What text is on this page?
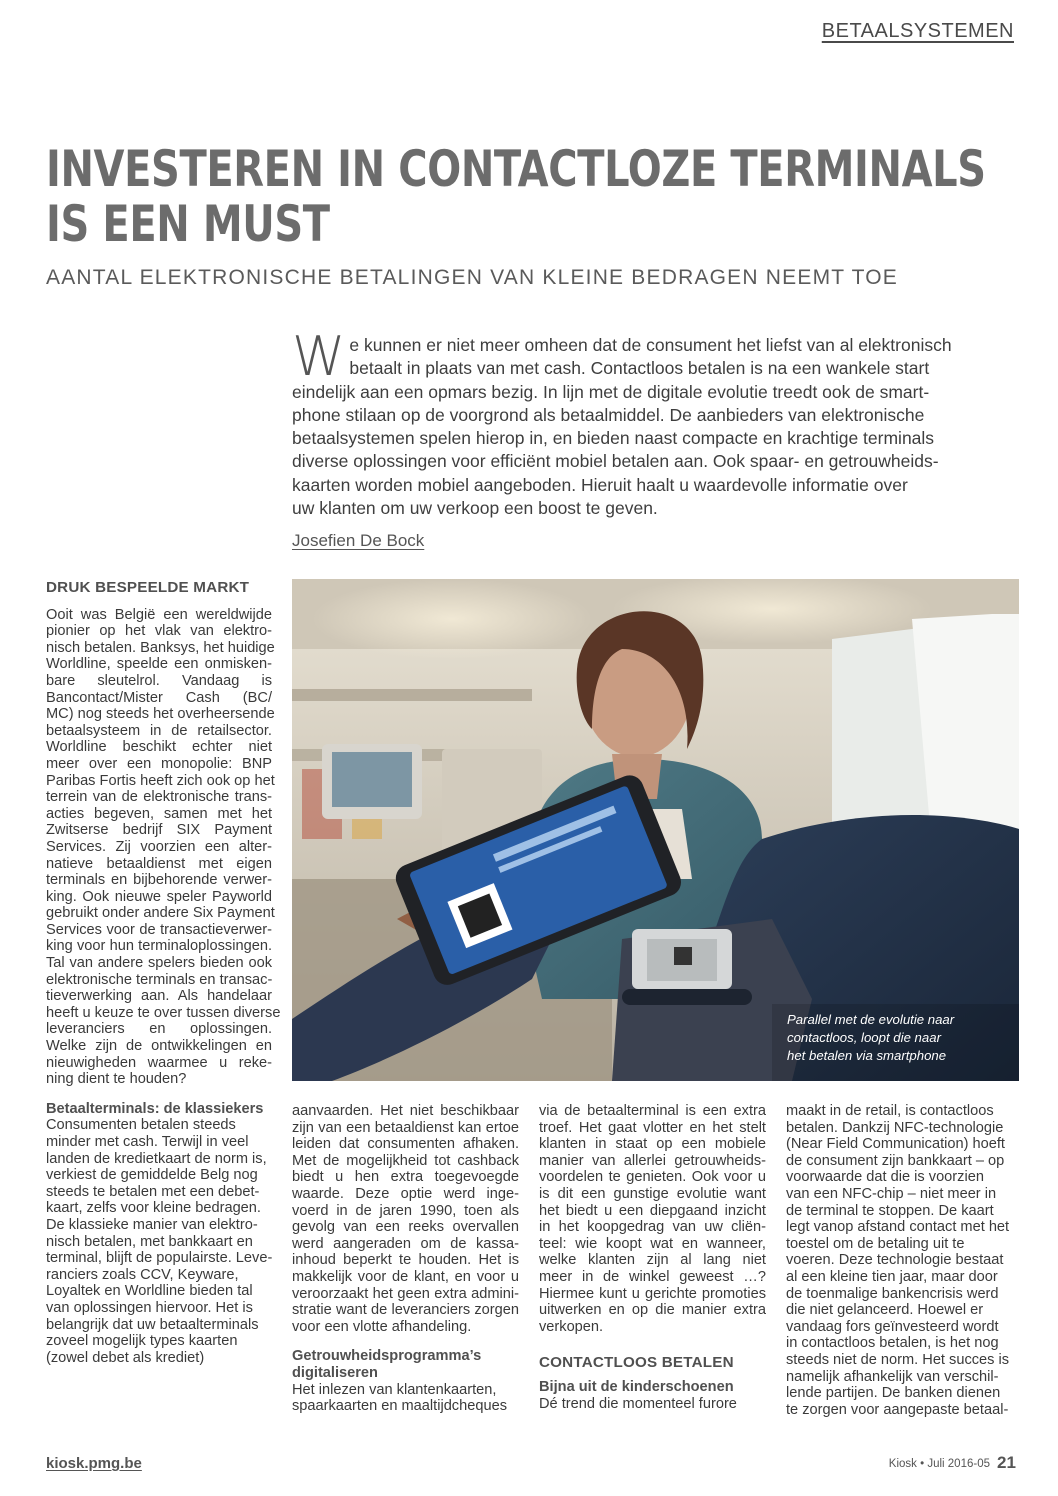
BETAALSYSTEMEN
INVESTEREN IN CONTACTLOZE TERMINALS
IS EEN MUST
AANTAL ELEKTRONISCHE BETALINGEN VAN KLEINE BEDRAGEN NEEMT TOE
W e kunnen er niet meer omheen dat de consument het liefst van al elektronisch
betaalt in plaats van met cash. Contactloos betalen is na een wankele start
eindelijk aan een opmars bezig. In lijn met de digitale evolutie treedt ook de smart-
phone stilaan op de voorgrond als betaalmiddel. De aanbieders van elektronische
betaalsystemen spelen hierop in, en bieden naast compacte en krachtige terminals
diverse oplossingen voor efficiënt mobiel betalen aan. Ook spaar- en getrouwheids-
kaarten worden mobiel aangeboden. Hieruit haalt u waardevolle informatie over
uw klanten om uw verkoop een boost te geven.
Josefien De Bock
DRUK BESPEELDE MARKT
Ooit was België een wereldwijde
pionier op het vlak van elektro-
nisch betalen. Banksys, het huidige
Worldline, speelde een onmisken-
bare sleutelrol. Vandaag is
Bancontact/Mister Cash (BC/
MC) nog steeds het overheersende
betaalsysteem in de retailsector.
Worldline beschikt echter niet
meer over een monopolie: BNP
Paribas Fortis heeft zich ook op het
terrein van de elektronische trans-
acties begeven, samen met het
Zwitserse bedrijf SIX Payment
Services. Zij voorzien een alter-
natieve betaaldienst met eigen
terminals en bijbehorende verwer-
king. Ook nieuwe speler Payworld
gebruikt onder andere Six Payment
Services voor de transactieverwer-
king voor hun terminaloplossingen.
Tal van andere spelers bieden ook
elektronische terminals en transac-
tieverwerking aan. Als handelaar
heeft u keuze te over tussen diverse
leveranciers en oplossingen.
Welke zijn de ontwikkelingen en
nieuwigheden waarmee u reke-
ning dient te houden?
Betaalterminals: de klassiekers
Consumenten betalen steeds
minder met cash. Terwijl in veel
landen de kredietkaart de norm is,
verkiest de gemiddelde Belg nog
steeds te betalen met een debet-
kaart, zelfs voor kleine bedragen.
De klassieke manier van elektro-
nisch betalen, met bankkaart en
terminal, blijft de populairste. Leve-
ranciers zoals CCV, Keyware,
Loyaltek en Worldline bieden tal
van oplossingen hiervoor. Het is
belangrijk dat uw betaalterminals
zoveel mogelijk types kaarten
(zowel debet als krediet)
Parallel met de evolutie naar
contactloos, loopt die naar
het betalen via smartphone
aanvaarden. Het niet beschikbaar
zijn van een betaaldienst kan ertoe
leiden dat consumenten afhaken.
Met de mogelijkheid tot cashback
biedt u hen extra toegevoegde
waarde. Deze optie werd inge-
voerd in de jaren 1990, toen als
gevolg van een reeks overvallen
werd aangeraden om de kassa-
inhoud beperkt te houden. Het is
makkelijk voor de klant, en voor u
veroorzaakt het geen extra admini-
stratie want de leveranciers zorgen
voor een vlotte afhandeling.
Getrouwheidsprogramma’s
digitaliseren
Het inlezen van klantenkaarten,
spaarkaarten en maaltijdcheques
via de betaalterminal is een extra
troef. Het gaat vlotter en het stelt
klanten in staat op een mobiele
manier van allerlei getrouwheids-
voordelen te genieten. Ook voor u
is dit een gunstige evolutie want
het biedt u een diepgaand inzicht
in het koopgedrag van uw cliën-
teel: wie koopt wat en wanneer,
welke klanten zijn al lang niet
meer in de winkel geweest …?
Hiermee kunt u gerichte promoties
uitwerken en op die manier extra
verkopen.
CONTACTLOOS BETALEN
Bijna uit de kinderschoenen
Dé trend die momenteel furore
maakt in de retail, is contactloos
betalen. Dankzij NFC-technologie
(Near Field Communication) hoeft
de consument zijn bankkaart – op
voorwaarde dat die is voorzien
van een NFC-chip – niet meer in
de terminal te stoppen. De kaart
legt vanop afstand contact met het
toestel om de betaling uit te
voeren. Deze technologie bestaat
al een kleine tien jaar, maar door
de toenmalige bankencrisis werd
die niet gelanceerd. Hoewel er
vandaag fors geïnvesteerd wordt
in contactloos betalen, is het nog
steeds niet de norm. Het succes is
namelijk afhankelijk van verschil-
lende partijen. De banken dienen
te zorgen voor aangepaste betaal-
kiosk.pmg.be	Kiosk • Juli 2016-05 21
